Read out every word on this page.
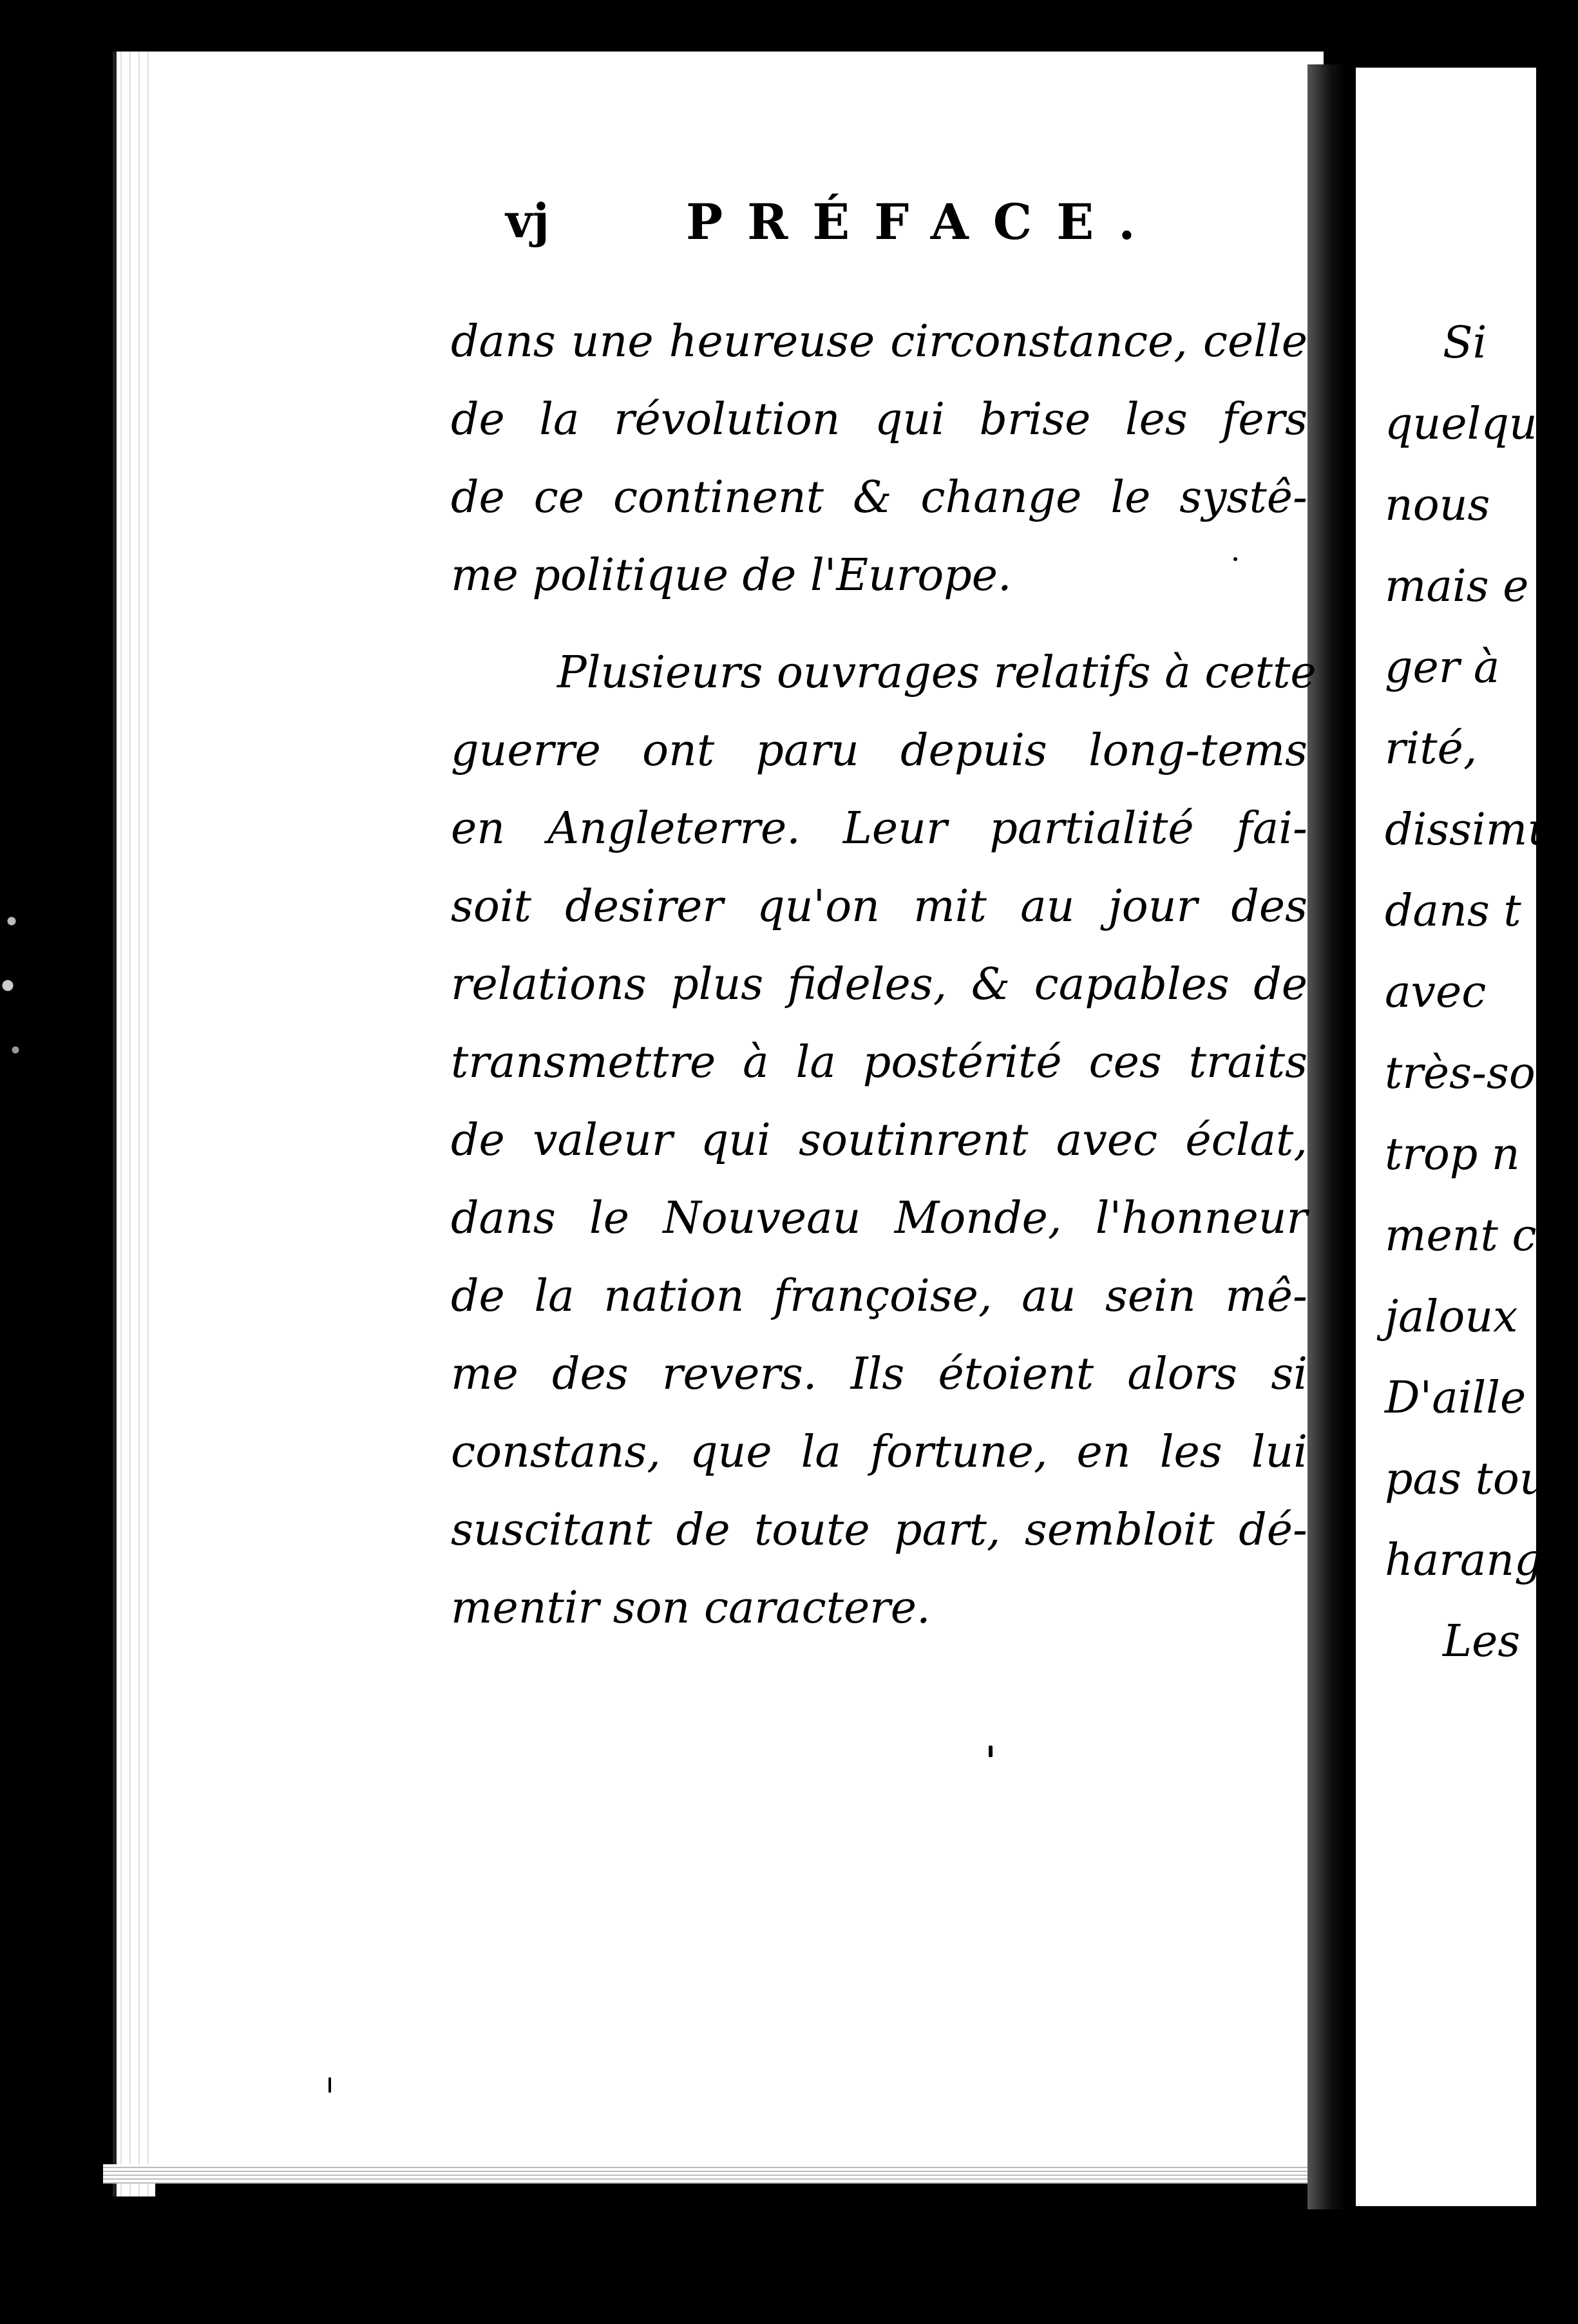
vj	PRÉFACE.
dans une heureuse circonstance, celle
de la révolution qui brise les fers
de ce continent & change le systê-
me politique de l'Europe.
Plusieurs ouvrages relatifs à cette
guerre ont paru depuis long-tems
en Angleterre. Leur partialité fai-
soit desirer qu'on mit au jour des
relations plus fideles, & capables de
transmettre à la postérité ces traits
de valeur qui soutinrent avec éclat,
dans le Nouveau Monde, l'honneur
de la nation françoise, au sein mê-
me des revers. Ils étoient alors si
constans, que la fortune, en les lui
suscitant de toute part, sembloit dé-
mentir son caractere.
Si
quelqu
nous
mais e
ger à
rité,
dissimu
dans t
avec
très-so
trop n
ment c
jaloux
D'aille
pas tou
harang
Les
